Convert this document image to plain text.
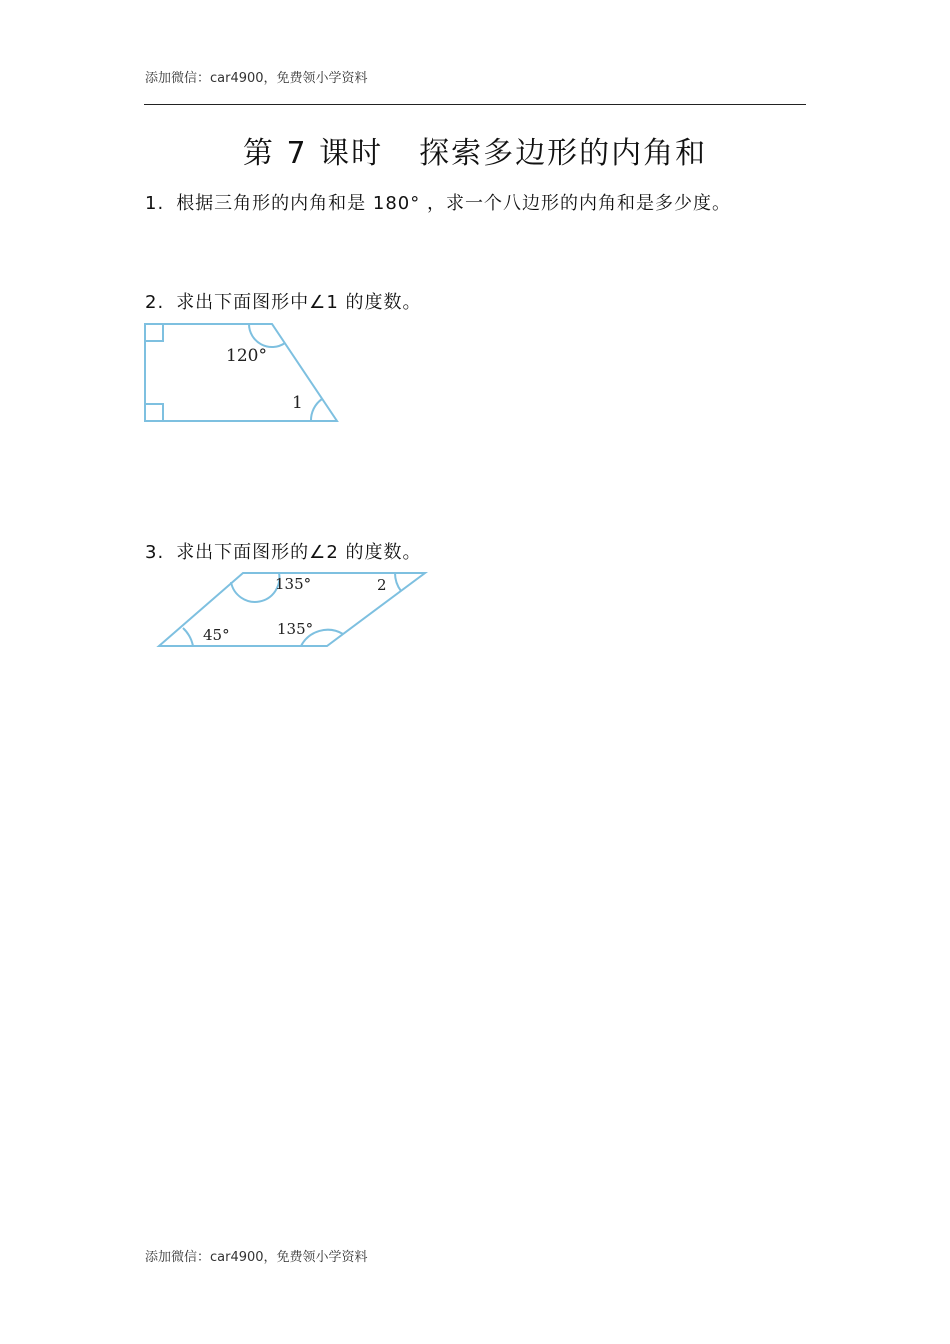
添加微信：car4900，免费领小学资料
第 7 课时 探索多边形的内角和
1. 根据三角形的内角和是 180° ，求一个八边形的内角和是多少度。
2. 求出下面图形中∠1 的度数。
120°
1
3. 求出下面图形的∠2 的度数。
135°	2
45°	135°
添加微信：car4900，免费领小学资料
